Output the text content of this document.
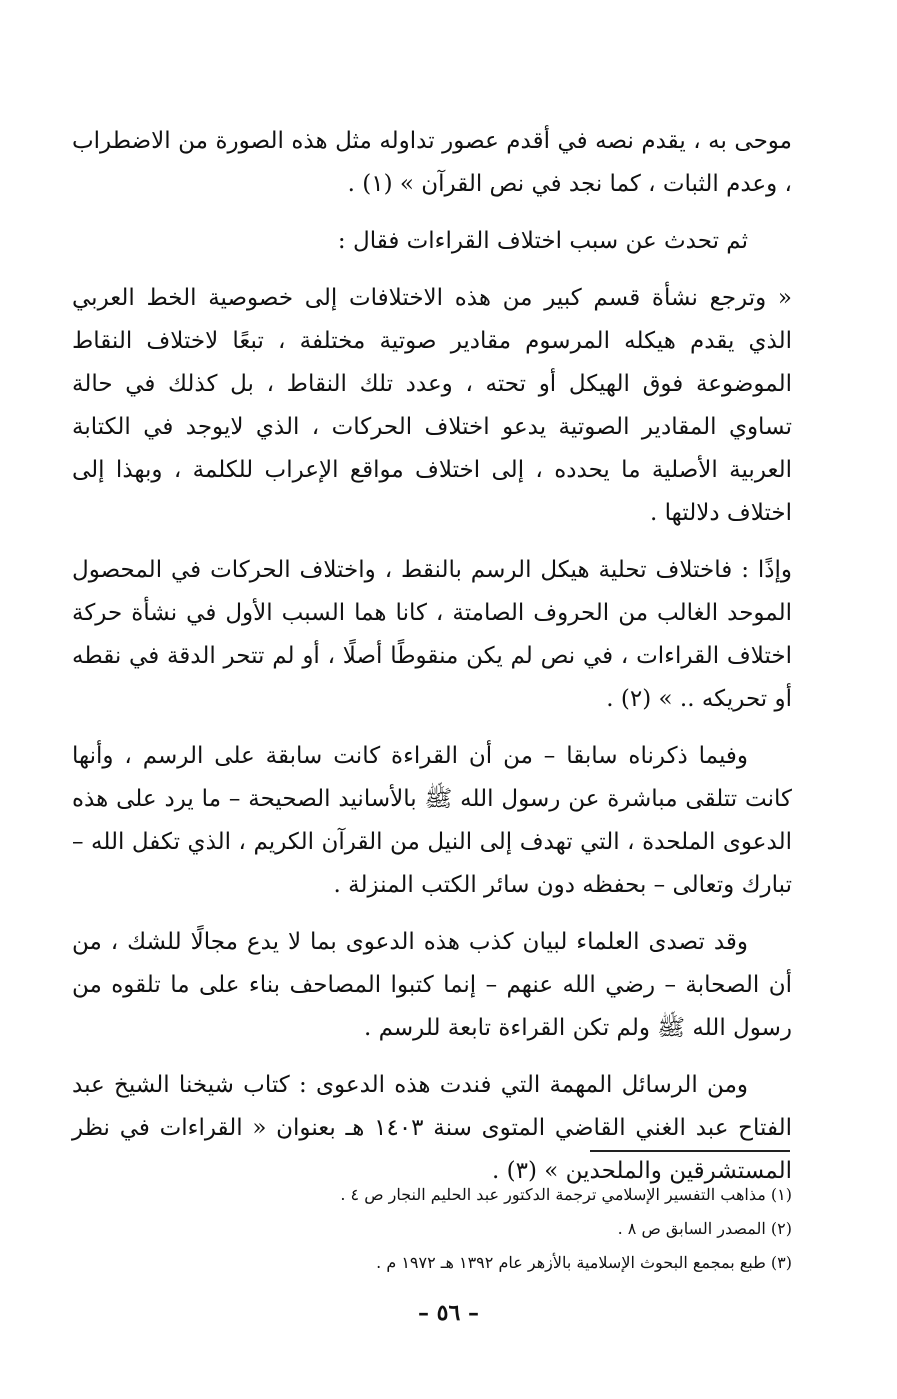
موحى به ، يقدم نصه في أقدم عصور تداوله مثل هذه الصورة من الاضطراب ، وعدم الثبات ، كما نجد في نص القرآن » (١) .

ثم تحدث عن سبب اختلاف القراءات فقال :

« وترجع نشأة قسم كبير من هذه الاختلافات إلى خصوصية الخط العربي الذي يقدم هيكله المرسوم مقادير صوتية مختلفة ، تبعًا لاختلاف النقاط الموضوعة فوق الهيكل أو تحته ، وعدد تلك النقاط ، بل كذلك في حالة تساوي المقادير الصوتية يدعو اختلاف الحركات ، الذي لايوجد في الكتابة العربية الأصلية ما يحدده ، إلى اختلاف مواقع الإعراب للكلمة ، وبهذا إلى اختلاف دلالتها .

وإذًا : فاختلاف تحلية هيكل الرسم بالنقط ، واختلاف الحركات في المحصول الموحد الغالب من الحروف الصامتة ، كانا هما السبب الأول في نشأة حركة اختلاف القراءات ، في نص لم يكن منقوطًا أصلًا ، أو لم تتحر الدقة في نقطه أو تحريكه .. » (٢) .

وفيما ذكرناه سابقا – من أن القراءة كانت سابقة على الرسم ، وأنها كانت تتلقى مباشرة عن رسول الله ﷺ بالأسانيد الصحيحة – ما يرد على هذه الدعوى الملحدة ، التي تهدف إلى النيل من القرآن الكريم ، الذي تكفل الله – تبارك وتعالى – بحفظه دون سائر الكتب المنزلة .

وقد تصدى العلماء لبيان كذب هذه الدعوى بما لا يدع مجالًا للشك ، من أن الصحابة – رضي الله عنهم – إنما كتبوا المصاحف بناء على ما تلقوه من رسول الله ﷺ ولم تكن القراءة تابعة للرسم .

ومن الرسائل المهمة التي فندت هذه الدعوى : كتاب شيخنا الشيخ عبد الفتاح عبد الغني القاضي المتوى سنة ١٤٠٣ هـ بعنوان « القراءات في نظر المستشرقين والملحدين » (٣) .

(١) مذاهب التفسير الإسلامي ترجمة الدكتور عبد الحليم النجار ص ٤ .

(٢) المصدر السابق ص ٨ .

(٣) طبع بمجمع البحوث الإسلامية بالأزهر عام ١٣٩٢ هـ ١٩٧٢ م .

– ٥٦ –
